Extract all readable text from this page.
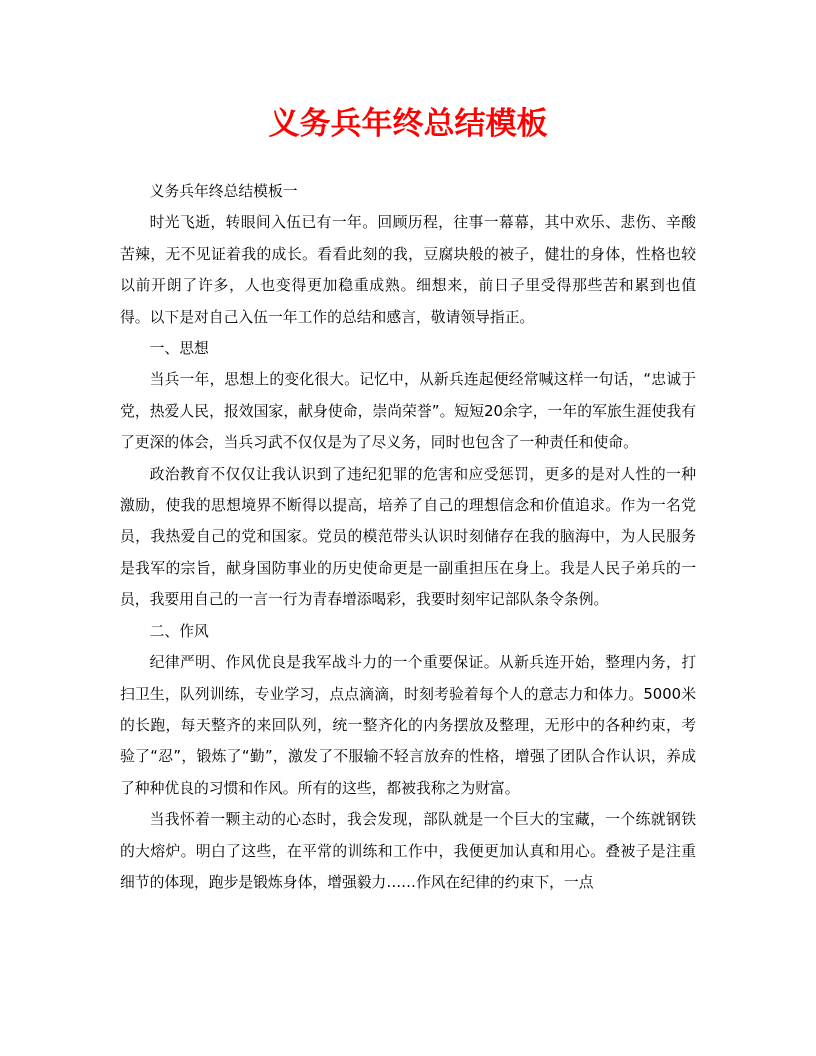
义务兵年终总结模板

义务兵年终总结模板一

时光飞逝，转眼间入伍已有一年。回顾历程，往事一幕幕，其中欢乐、悲伤、辛酸苦辣，无不见证着我的成长。看看此刻的我，豆腐块般的被子，健壮的身体，性格也较以前开朗了许多，人也变得更加稳重成熟。细想来，前日子里受得那些苦和累到也值得。以下是对自己入伍一年工作的总结和感言，敬请领导指正。

一、思想

当兵一年，思想上的变化很大。记忆中，从新兵连起便经常喊这样一句话，“忠诚于党，热爱人民，报效国家，献身使命，崇尚荣誉”。短短20余字，一年的军旅生涯使我有了更深的体会，当兵习武不仅仅是为了尽义务，同时也包含了一种责任和使命。

政治教育不仅仅让我认识到了违纪犯罪的危害和应受惩罚，更多的是对人性的一种激励，使我的思想境界不断得以提高，培养了自己的理想信念和价值追求。作为一名党员，我热爱自己的党和国家。党员的模范带头认识时刻储存在我的脑海中，为人民服务是我军的宗旨，献身国防事业的历史使命更是一副重担压在身上。我是人民子弟兵的一员，我要用自己的一言一行为青春增添喝彩，我要时刻牢记部队条令条例。

二、作风

纪律严明、作风优良是我军战斗力的一个重要保证。从新兵连开始，整理内务，打扫卫生，队列训练，专业学习，点点滴滴，时刻考验着每个人的意志力和体力。5000米的长跑，每天整齐的来回队列，统一整齐化的内务摆放及整理，无形中的各种约束，考验了“忍”，锻炼了“勤”，激发了不服输不轻言放弃的性格，增强了团队合作认识，养成了种种优良的习惯和作风。所有的这些，都被我称之为财富。

当我怀着一颗主动的心态时，我会发现，部队就是一个巨大的宝藏，一个练就钢铁的大熔炉。明白了这些，在平常的训练和工作中，我便更加认真和用心。叠被子是注重细节的体现，跑步是锻炼身体，增强毅力……作风在纪律的约束下，一点
